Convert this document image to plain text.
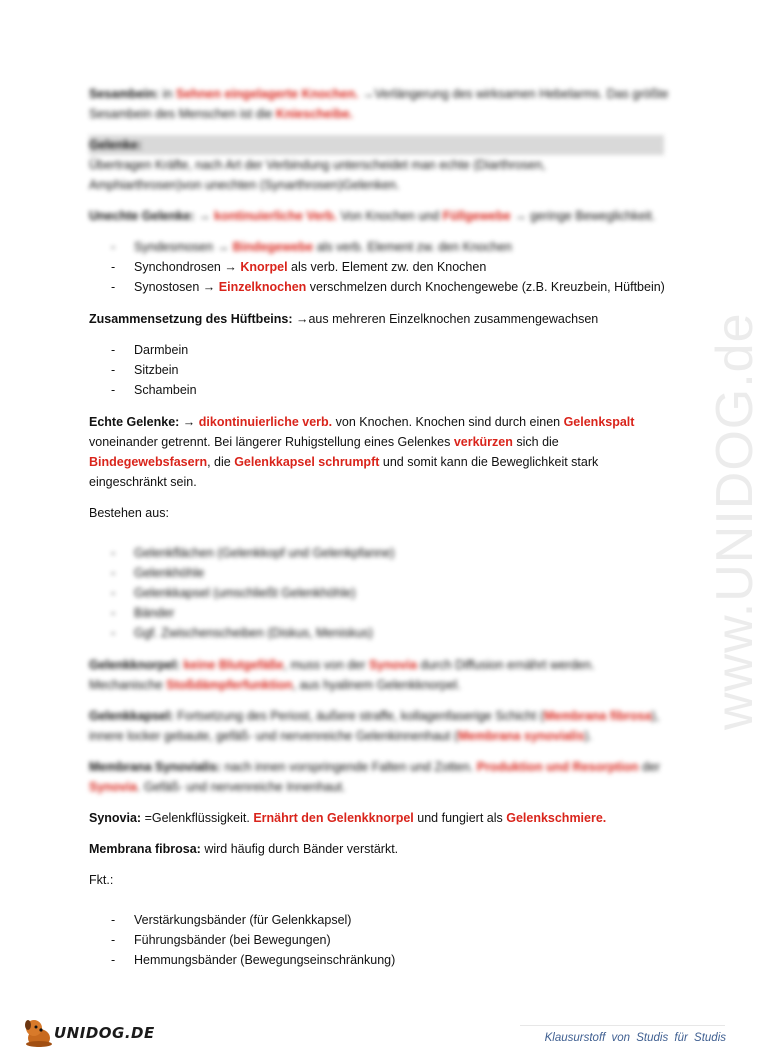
www.UNIDOG.de

Sesambein: in Sehnen eingelagerte Knochen. →Verlängerung des wirksamen Hebelarms. Das größte

Sesambein des Menschen ist die Kniescheibe.

Gelenke:

Übertragen Kräfte, nach Art der Verbindung unterscheidet man echte (Diarthrosen,

Amphiarthrosen)von unechten (Synarthrosen)Gelenken.

Unechte Gelenke: → kontinuierliche Verb. Von Knochen und Füllgewebe → geringe Beweglichkeit.

- Syndesmosen → Bindegewebe als verb. Element zw. den Knochen
- Synchondrosen → Knorpel als verb. Element zw. den Knochen
- Synostosen → Einzelknochen verschmelzen durch Knochengewebe (z.B. Kreuzbein, Hüftbein)

Zusammensetzung des Hüftbeins: →aus mehreren Einzelknochen zusammengewachsen

- Darmbein
- Sitzbein
- Schambein

Echte Gelenke: → dikontinuierliche verb. von Knochen. Knochen sind durch einen Gelenkspalt

voneinander getrennt. Bei längerer Ruhigstellung eines Gelenkes verkürzen sich die

Bindegewebsfasern, die Gelenkkapsel schrumpft und somit kann die Beweglichkeit stark

eingeschränkt sein.

Bestehen aus:

- Gelenkflächen (Gelenkkopf und Gelenkpfanne)
- Gelenkhöhle
- Gelenkkapsel (umschließt Gelenkhöhle)
- Bänder
- Ggf. Zwischenscheiben (Diskus, Meniskus)

Gelenkknorpel: keine Blutgefäße, muss von der Synovia durch Diffusion ernährt werden.

Mechanische Stoßdämpferfunktion, aus hyalinem Gelenkknorpel.

Gelenkkapsel: Fortsetzung des Periost, äußere straffe, kollagenfaserige Schicht (Membrana fibrosa),

innere locker gebaute, gefäß- und nervenreiche Gelenkinnenhaut (Membrana synovialis).

Membrana Synovialis: nach innen vorspringende Falten und Zotten. Produktion und Resorption der

Synovia. Gefäß- und nervenreiche Innenhaut.

Synovia: =Gelenkflüssigkeit. Ernährt den Gelenkknorpel und fungiert als Gelenkschmiere.

Membrana fibrosa: wird häufig durch Bänder verstärkt.

Fkt.:

- Verstärkungsbänder (für Gelenkkapsel)
- Führungsbänder (bei Bewegungen)
- Hemmungsbänder (Bewegungseinschränkung)
UNIDOG.DE	Klausurstoff von Studis für Studis
